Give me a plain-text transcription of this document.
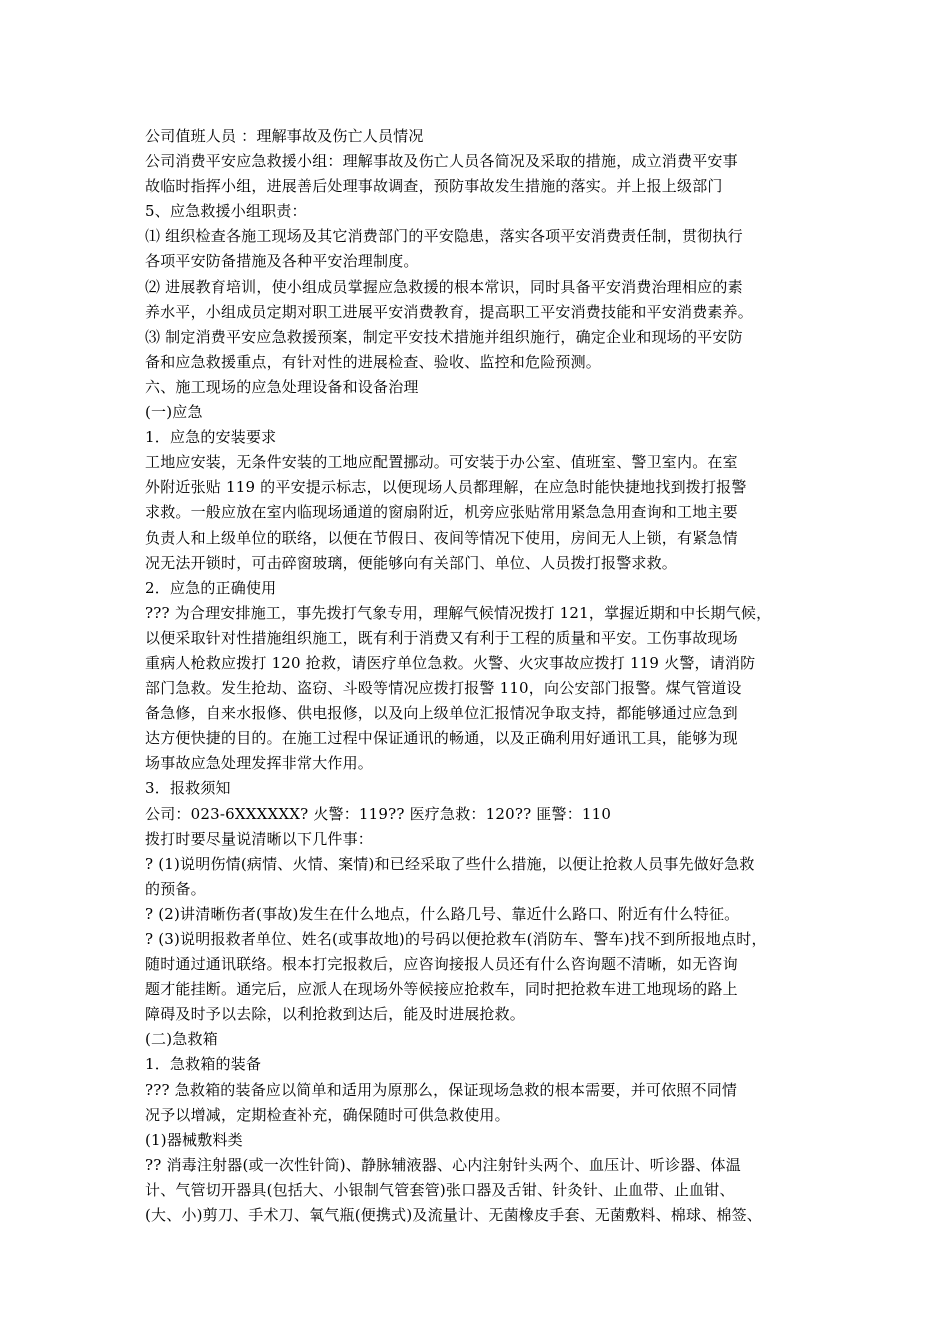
公司值班人员 ：理解事故及伤亡人员情况
公司消费平安应急救援小组：理解事故及伤亡人员各简况及采取的措施，成立消费平安事
故临时指挥小组，进展善后处理事故调查，预防事故发生措施的落实。并上报上级部门
5、应急救援小组职责：
⑴ 组织检查各施工现场及其它消费部门的平安隐患，落实各项平安消费责任制，贯彻执行
各项平安防备措施及各种平安治理制度。
⑵ 进展教育培训，使小组成员掌握应急救援的根本常识，同时具备平安消费治理相应的素
养水平，小组成员定期对职工进展平安消费教育，提高职工平安消费技能和平安消费素养。
⑶ 制定消费平安应急救援预案，制定平安技术措施并组织施行，确定企业和现场的平安防
备和应急救援重点，有针对性的进展检查、验收、监控和危险预测。
六、施工现场的应急处理设备和设备治理
(一)应急
1．应急的安装要求
工地应安装，无条件安装的工地应配置挪动。可安装于办公室、值班室、警卫室内。在室
外附近张贴 119 的平安提示标志，以便现场人员都理解，在应急时能快捷地找到拨打报警
求救。一般应放在室内临现场通道的窗扇附近，机旁应张贴常用紧急急用查询和工地主要
负责人和上级单位的联络，以便在节假日、夜间等情况下使用，房间无人上锁，有紧急情
况无法开锁时，可击碎窗玻璃，便能够向有关部门、单位、人员拨打报警求救。
2．应急的正确使用
??? 为合理安排施工，事先拨打气象专用，理解气候情况拨打 121，掌握近期和中长期气候，
以便采取针对性措施组织施工，既有利于消费又有利于工程的质量和平安。工伤事故现场
重病人枪救应拨打 120 抢救，请医疗单位急救。火警、火灾事故应拨打 119 火警，请消防
部门急救。发生抢劫、盗窃、斗殴等情况应拨打报警 110，向公安部门报警。煤气管道设
备急修，自来水报修、供电报修，以及向上级单位汇报情况争取支持，都能够通过应急到
达方便快捷的目的。在施工过程中保证通讯的畅通，以及正确利用好通讯工具，能够为现
场事故应急处理发挥非常大作用。
3．报救须知
公司：023-6XXXXXX? 火警：119?? 医疗急救：120?? 匪警：110
拨打时要尽量说清晰以下几件事：
? (1)说明伤情(病情、火情、案情)和已经采取了些什么措施，以便让抢救人员事先做好急救
的预备。
? (2)讲清晰伤者(事故)发生在什么地点，什么路几号、靠近什么路口、附近有什么特征。
? (3)说明报救者单位、姓名(或事故地)的号码以便抢救车(消防车、警车)找不到所报地点时，
随时通过通讯联络。根本打完报救后，应咨询接报人员还有什么咨询题不清晰，如无咨询
题才能挂断。通完后，应派人在现场外等候接应抢救车，同时把抢救车进工地现场的路上
障碍及时予以去除，以利抢救到达后，能及时进展抢救。
(二)急救箱
1．急救箱的装备
??? 急救箱的装备应以简单和适用为原那么，保证现场急救的根本需要，并可依照不同情
况予以增减，定期检查补充，确保随时可供急救使用。
(1)器械敷料类
?? 消毒注射器(或一次性针筒)、静脉辅液器、心内注射针头两个、血压计、听诊器、体温
计、气管切开器具(包括大、小银制气管套管)张口器及舌钳、针灸针、止血带、止血钳、
(大、小)剪刀、手术刀、氧气瓶(便携式)及流量计、无菌橡皮手套、无菌敷料、棉球、棉签、
